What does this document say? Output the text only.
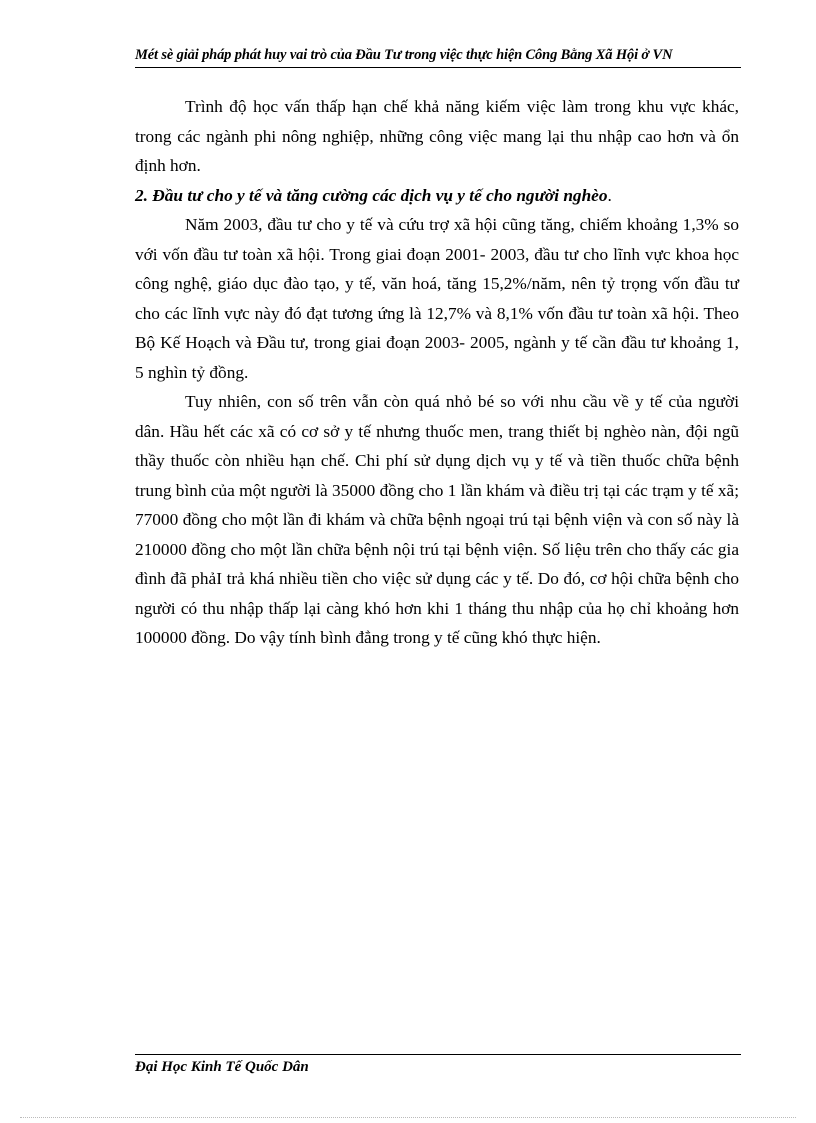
Mét sè giải pháp phát huy vai trò của Đầu Tư trong việc thực hiện Công Bằng Xã Hội ở VN

Trình độ học vấn thấp hạn chế khả năng kiếm việc làm trong khu vực khác, trong các ngành phi nông nghiệp, những công việc mang lại thu nhập cao hơn và ổn định hơn.

2. Đầu tư cho y tế và tăng cường các dịch vụ y tế cho người nghèo.

Năm 2003, đầu tư cho y tế và cứu trợ xã hội cũng tăng, chiếm khoảng 1,3% so với vốn đầu tư toàn xã hội. Trong giai đoạn 2001- 2003, đầu tư cho lĩnh vực khoa học công nghệ, giáo dục đào tạo, y tế, văn hoá, tăng 15,2%/năm, nên tỷ trọng vốn đầu tư cho các lĩnh vực này đó đạt tương ứng là 12,7% và 8,1% vốn đầu tư toàn xã hội. Theo Bộ Kế Hoạch và Đầu tư, trong giai đoạn 2003- 2005, ngành y tế cần đầu tư khoảng 1, 5 nghìn tỷ đồng.

Tuy nhiên, con số trên vẫn còn quá nhỏ bé so với nhu cầu về y tế của người dân. Hầu hết các xã có cơ sở y tế nhưng thuốc men, trang thiết bị nghèo nàn, đội ngũ thầy thuốc còn nhiều hạn chế. Chi phí sử dụng dịch vụ y tế và tiền thuốc chữa bệnh trung bình của một người là 35000 đồng cho 1 lần khám và điều trị tại các trạm y tế xã; 77000 đồng cho một lần đi khám và chữa bệnh ngoại trú tại bệnh viện và con số này là 210000 đồng cho một lần chữa bệnh nội trú tại bệnh viện. Số liệu trên cho thấy các gia đình đã phảI trả khá nhiều tiền cho việc sử dụng các y tế. Do đó, cơ hội chữa bệnh cho người có thu nhập thấp lại càng khó hơn khi 1 tháng thu nhập của họ chỉ khoảng hơn 100000 đồng. Do vậy tính bình đẳng trong y tế cũng khó thực hiện.

Đại Học Kinh Tế Quốc Dân
